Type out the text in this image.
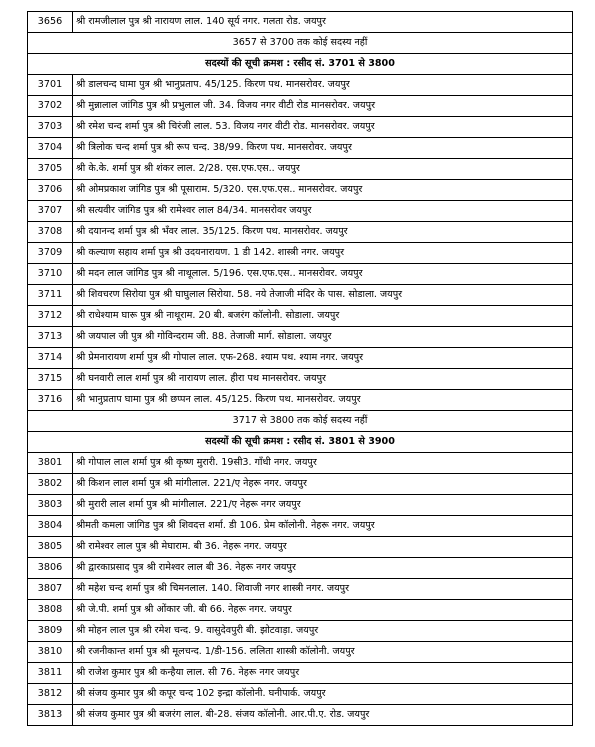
3656	श्री रामजीलाल पुत्र श्री नारायण लाल. 140 सूर्य नगर. गलता रोड. जयपुर
3657 से 3700 तक कोई सदस्य नहीं	
सदस्यों की सूची क्रमश : रसीद सं. 3701 से 3800	
3701	श्री डालचन्द घामा पुत्र श्री भानुप्रताप. 45/125. किरण पथ. मानसरोवर. जयपुर
3702	श्री मुन्नालाल जांगिड पुत्र श्री प्रभुलाल जी. 34. विजय नगर वीटी रोड मानसरोवर. जयपुर
3703	श्री रमेश चन्द शर्मा पुत्र श्री चिरंजी लाल. 53. विजय नगर वीटी रोड. मानसरोवर. जयपुर
3704	श्री त्रिलोक चन्द शर्मा पुत्र श्री रूप चन्द. 38/99. किरण पथ. मानसरोवर. जयपुर
3705	श्री के.के. शर्मा पुत्र श्री शंकर लाल. 2/28. एस.एफ.एस.. जयपुर
3706	श्री ओमप्रकाश जांगिड पुत्र श्री पूसाराम. 5/320. एस.एफ.एस.. मानसरोवर. जयपुर
3707	श्री सत्यवीर जांगिड पुत्र श्री रामेश्वर लाल 84/34. मानसरोवर जयपुर
3708	श्री दयानन्द शर्मा पुत्र श्री भँवर लाल. 35/125. किरण पथ. मानसरोवर. जयपुर
3709	श्री कल्याण सहाय शर्मा पुत्र श्री उदयनारायण. 1 डी 142. शास्त्री नगर. जयपुर
3710	श्री मदन लाल जांगिड पुत्र श्री नाथूलाल. 5/196. एस.एफ.एस.. मानसरोवर. जयपुर
3711	श्री शिवचरण सिरोया पुत्र श्री घाघुलाल सिरोया. 58. नये तेजाजी मंदिर के पास. सोडाला. जयपुर
3712	श्री राधेश्याम घारू पुत्र श्री नाथूराम. 20 बी. बजरंग कॉलोनी. सोडाला. जयपुर
3713	श्री जयपाल जी पुत्र श्री गोविन्दराम जी. 88. तेजाजी मार्ग. सोडाला. जयपुर
3714	श्री प्रेमनारायण शर्मा पुत्र श्री गोपाल लाल. एफ-268. श्याम पथ. श्याम नगर. जयपुर
3715	श्री घनवारी लाल शर्मा पुत्र श्री नारायण लाल. हीरा पथ मानसरोवर. जयपुर
3716	श्री भानुप्रताप घामा पुत्र श्री छप्पन लाल. 45/125. किरण पथ. मानसरोवर. जयपुर
3717 से 3800 तक कोई सदस्य नहीं	
सदस्यों की सूची क्रमश : रसीद सं. 3801 से 3900	
3801	श्री गोपाल लाल शर्मा पुत्र श्री कृष्ण मुरारी. 19सी3. गाँधी नगर. जयपुर
3802	श्री किशन लाल शर्मा पुत्र श्री मांगीलाल. 221/ए नेहरू नगर. जयपुर
3803	श्री मुरारी लाल शर्मा पुत्र श्री मांगीलाल. 221/ए नेहरू नगर जयपुर
3804	श्रीमती कमला जांगिड पुत्र श्री शिवदत्त शर्मा. डी 106. प्रेम कॉलोनी. नेहरू नगर. जयपुर
3805	श्री रामेश्वर लाल पुत्र श्री मेघाराम. बी 36. नेहरू नगर. जयपुर
3806	श्री द्वारकाप्रसाद पुत्र श्री रामेश्वर लाल बी 36. नेहरू नगर जयपुर
3807	श्री महेश चन्द शर्मा पुत्र श्री चिमनलाल. 140. शिवाजी नगर शास्त्री नगर. जयपुर
3808	श्री जे.पी. शर्मा पुत्र श्री ओंकार जी. बी 66. नेहरू नगर. जयपुर
3809	श्री मोहन लाल पुत्र श्री रमेश चन्द. 9. वासुदेवपुरी बी. झोटवाड़ा. जयपुर
3810	श्री रजनीकान्त शर्मा पुत्र श्री मूलचन्द. 1/डी-156. ललिता शास्त्री कॉलोनी. जयपुर
3811	श्री राजेश कुमार पुत्र श्री कन्हैया लाल. सी 76. नेहरू नगर जयपुर
3812	श्री संजय कुमार पुत्र श्री कपूर चन्द 102 इन्द्रा कॉलोनी. घनीपार्क. जयपुर
3813	श्री संजय कुमार पुत्र श्री बजरंग लाल. बी-28. संजय कॉलोनी. आर.पी.ए. रोड. जयपुर
